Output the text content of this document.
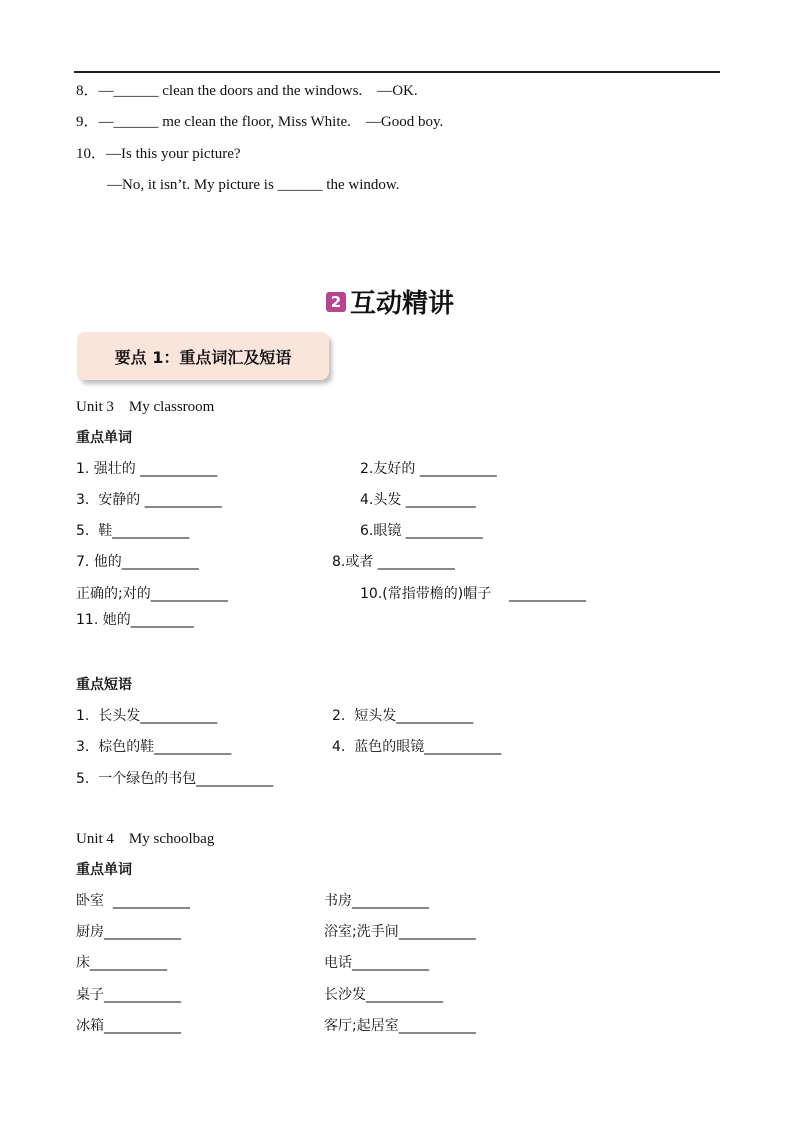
8．—______ clean the doors and the windows.    —OK.
9．—______ me clean the floor, Miss White.    —Good boy.
10．—Is this your picture?
—No, it isn’t. My picture is ______ the window.
2 互动精讲
要点 1：重点词汇及短语
Unit 3    My classroom
重点单词
1. 强壮的 ___________	2.友好的 ___________
3.  安静的 ___________	4.头发 __________
5.  鞋___________	6.眼镜 ___________
7. 他的___________	8.或者 ___________
正确的;对的___________	10.(常指带檐的)帽子    ___________
11. 她的_________
重点短语
1.  长头发___________	2.  短头发___________
3.  棕色的鞋___________	4.  蓝色的眼镜___________
5.  一个绿色的书包___________
Unit 4    My schoolbag
重点单词
卧室  ___________	书房___________
厨房___________	浴室;洗手间___________
床___________	电话___________
桌子___________	长沙发___________
冰箱___________	客厅;起居室___________
